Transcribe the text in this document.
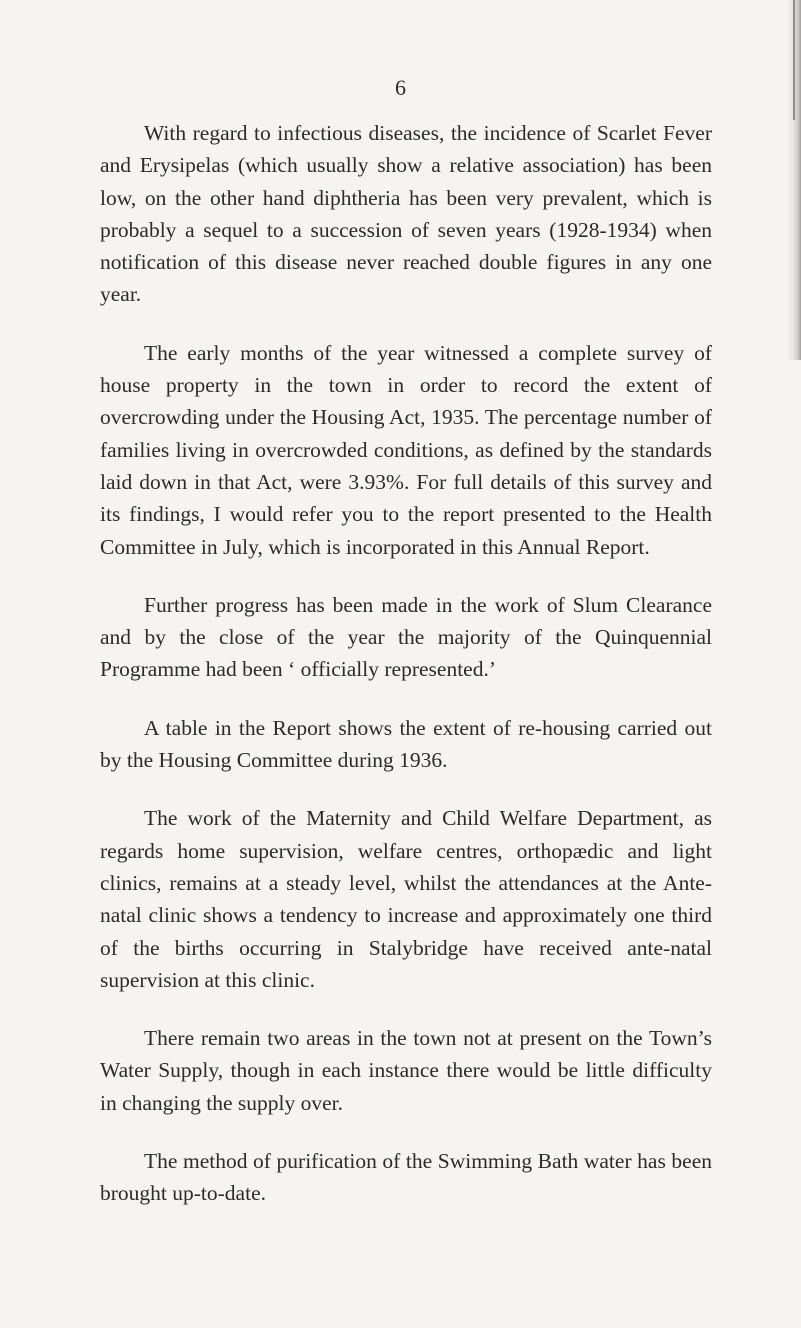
6

With regard to infectious diseases, the incidence of Scarlet Fever and Erysipelas (which usually show a relative association) has been low, on the other hand diphtheria has been very prevalent, which is probably a sequel to a succession of seven years (1928-1934) when notification of this disease never reached double figures in any one year.

The early months of the year witnessed a complete survey of house property in the town in order to record the extent of overcrowding under the Housing Act, 1935. The percentage number of families living in overcrowded conditions, as defined by the standards laid down in that Act, were 3.93%. For full details of this survey and its findings, I would refer you to the report presented to the Health Committee in July, which is incorporated in this Annual Report.

Further progress has been made in the work of Slum Clearance and by the close of the year the majority of the Quinquennial Programme had been ‘ officially represented.’

A table in the Report shows the extent of re-housing carried out by the Housing Committee during 1936.

The work of the Maternity and Child Welfare Department, as regards home supervision, welfare centres, orthopædic and light clinics, remains at a steady level, whilst the attendances at the Ante-natal clinic shows a tendency to increase and approximately one third of the births occurring in Stalybridge have received ante-natal supervision at this clinic.

There remain two areas in the town not at present on the Town’s Water Supply, though in each instance there would be little difficulty in changing the supply over.

The method of purification of the Swimming Bath water has been brought up-to-date.
